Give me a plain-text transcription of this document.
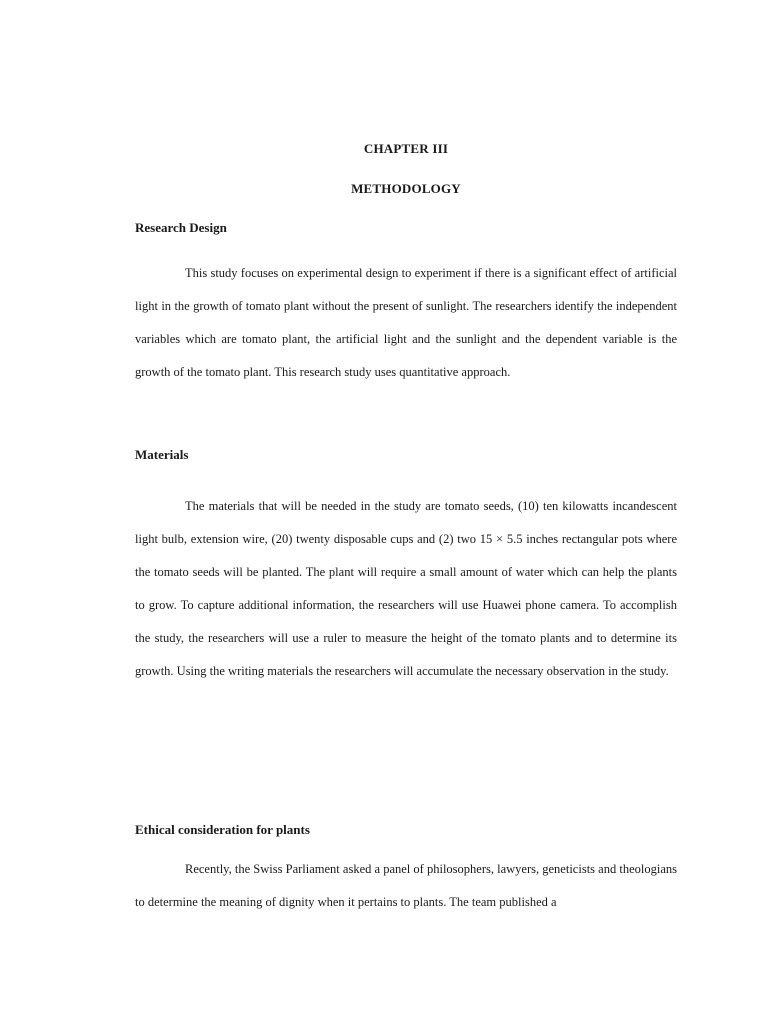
CHAPTER III
METHODOLOGY
Research Design

This study focuses on experimental design to experiment if there is a significant effect of artificial light in the growth of tomato plant without the present of sunlight. The researchers identify the independent variables which are tomato plant, the artificial light and the sunlight and the dependent variable is the growth of the tomato plant. This research study uses quantitative approach.

Materials

The materials that will be needed in the study are tomato seeds, (10) ten kilowatts incandescent light bulb, extension wire, (20) twenty disposable cups and (2) two 15 × 5.5 inches rectangular pots where the tomato seeds will be planted. The plant will require a small amount of water which can help the plants to grow. To capture additional information, the researchers will use Huawei phone camera. To accomplish the study, the researchers will use a ruler to measure the height of the tomato plants and to determine its growth. Using the writing materials the researchers will accumulate the necessary observation in the study.

Ethical consideration for plants

Recently, the Swiss Parliament asked a panel of philosophers, lawyers, geneticists and theologians to determine the meaning of dignity when it pertains to plants. The team published a
